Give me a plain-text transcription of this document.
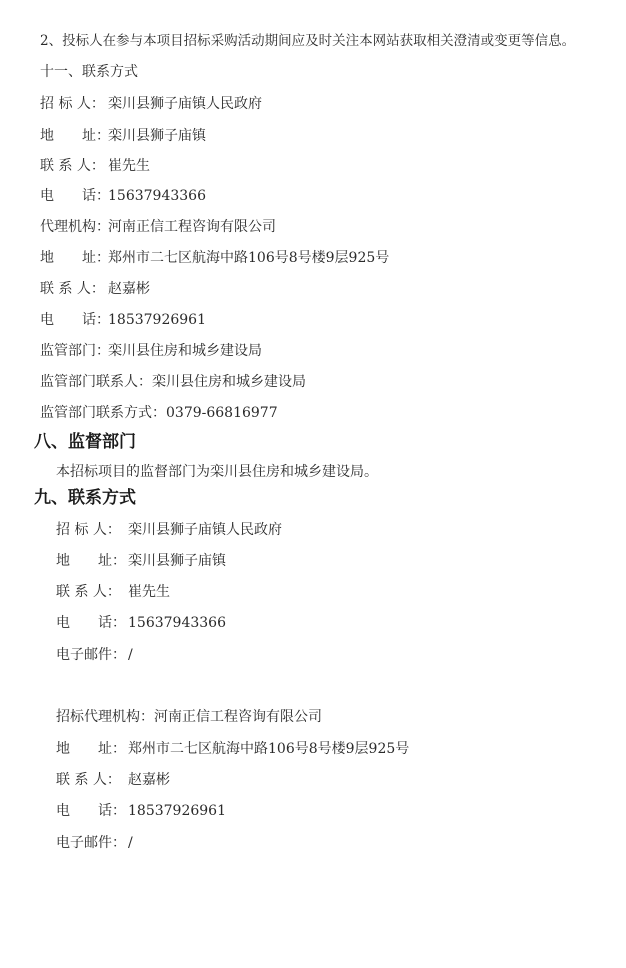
2、投标人在参与本项目招标采购活动期间应及时关注本网站获取相关澄清或变更等信息。
十一、联系方式
招 标 人： 栾川县狮子庙镇人民政府
地　　址：栾川县狮子庙镇
联 系 人： 崔先生
电　　话：15637943366
代理机构：河南正信工程咨询有限公司
地　　址：郑州市二七区航海中路106号8号楼9层925号
联 系 人： 赵嘉彬
电　　话：18537926961
监管部门：栾川县住房和城乡建设局
监管部门联系人：栾川县住房和城乡建设局
监管部门联系方式：0379-66816977
八、监督部门
本招标项目的监督部门为栾川县住房和城乡建设局。
九、联系方式
招 标 人： 栾川县狮子庙镇人民政府
地　　址： 栾川县狮子庙镇
联 系 人： 崔先生
电　　话： 15637943366
电子邮件： /
招标代理机构：河南正信工程咨询有限公司
地　　址： 郑州市二七区航海中路106号8号楼9层925号
联 系 人： 赵嘉彬
电　　话： 18537926961
电子邮件： /
